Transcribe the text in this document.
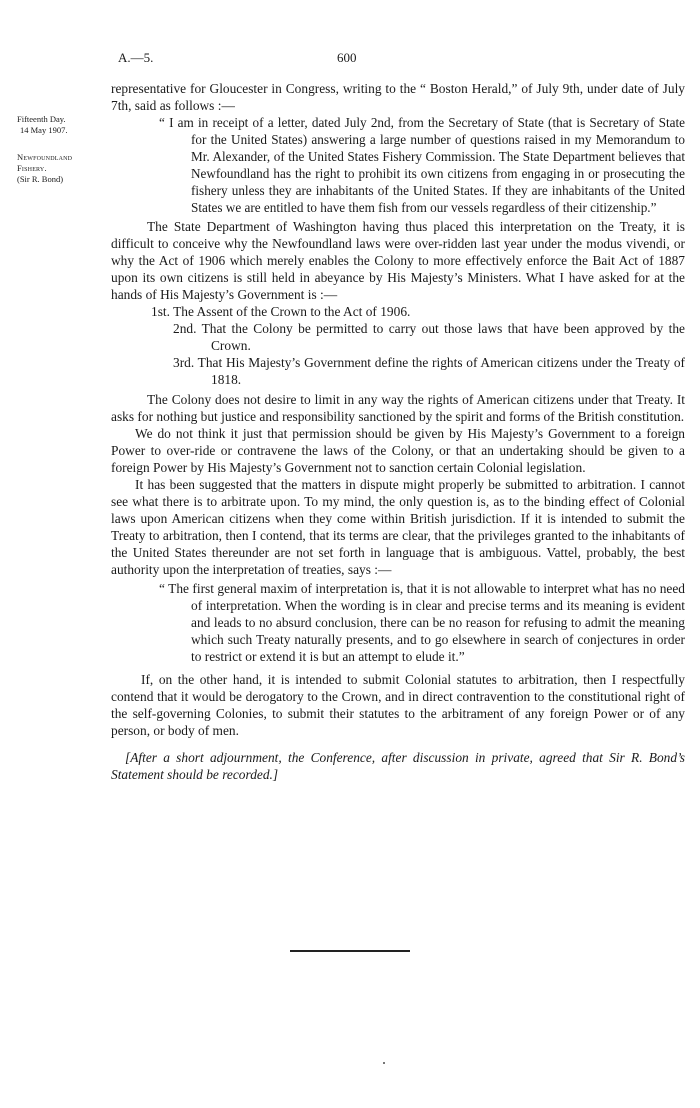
A.—5.	600
Fifteenth Day.
14 May 1907.
Newfoundland Fishery.
(Sir R. Bond)

representative for Gloucester in Congress, writing to the “ Boston Herald,” of July 9th, under date of July 7th, said as follows :—

“ I am in receipt of a letter, dated July 2nd, from the Secretary of State (that is Secretary of State for the United States) answering a large number of questions raised in my Memorandum to Mr. Alexander, of the United States Fishery Commission. The State Department believes that Newfoundland has the right to prohibit its own citizens from engaging in or prosecuting the fishery unless they are inhabitants of the United States. If they are inhabitants of the United States we are entitled to have them fish from our vessels regardless of their citizenship.”

The State Department of Washington having thus placed this interpretation on the Treaty, it is difficult to conceive why the Newfoundland laws were over-ridden last year under the modus vivendi, or why the Act of 1906 which merely enables the Colony to more effectively enforce the Bait Act of 1887 upon its own citizens is still held in abeyance by His Majesty’s Ministers. What I have asked for at the hands of His Majesty’s Government is :—

1st. The Assent of the Crown to the Act of 1906.

2nd. That the Colony be permitted to carry out those laws that have been approved by the Crown.

3rd. That His Majesty’s Government define the rights of American citizens under the Treaty of 1818.

The Colony does not desire to limit in any way the rights of American citizens under that Treaty. It asks for nothing but justice and responsibility sanctioned by the spirit and forms of the British constitution.

We do not think it just that permission should be given by His Majesty’s Government to a foreign Power to over-ride or contravene the laws of the Colony, or that an undertaking should be given to a foreign Power by His Majesty’s Government not to sanction certain Colonial legislation.

It has been suggested that the matters in dispute might properly be submitted to arbitration. I cannot see what there is to arbitrate upon. To my mind, the only question is, as to the binding effect of Colonial laws upon American citizens when they come within British jurisdiction. If it is intended to submit the Treaty to arbitration, then I contend, that its terms are clear, that the privileges granted to the inhabitants of the United States thereunder are not set forth in language that is ambiguous. Vattel, probably, the best authority upon the interpretation of treaties, says :—

“ The first general maxim of interpretation is, that it is not allowable to interpret what has no need of interpretation. When the wording is in clear and precise terms and its meaning is evident and leads to no absurd conclusion, there can be no reason for refusing to admit the meaning which such Treaty naturally presents, and to go elsewhere in search of conjectures in order to restrict or extend it is but an attempt to elude it.”

If, on the other hand, it is intended to submit Colonial statutes to arbitration, then I respectfully contend that it would be derogatory to the Crown, and in direct contravention to the constitutional right of the self-governing Colonies, to submit their statutes to the arbitrament of any foreign Power or of any person, or body of men.

[After a short adjournment, the Conference, after discussion in private, agreed that Sir R. Bond’s Statement should be recorded.]
